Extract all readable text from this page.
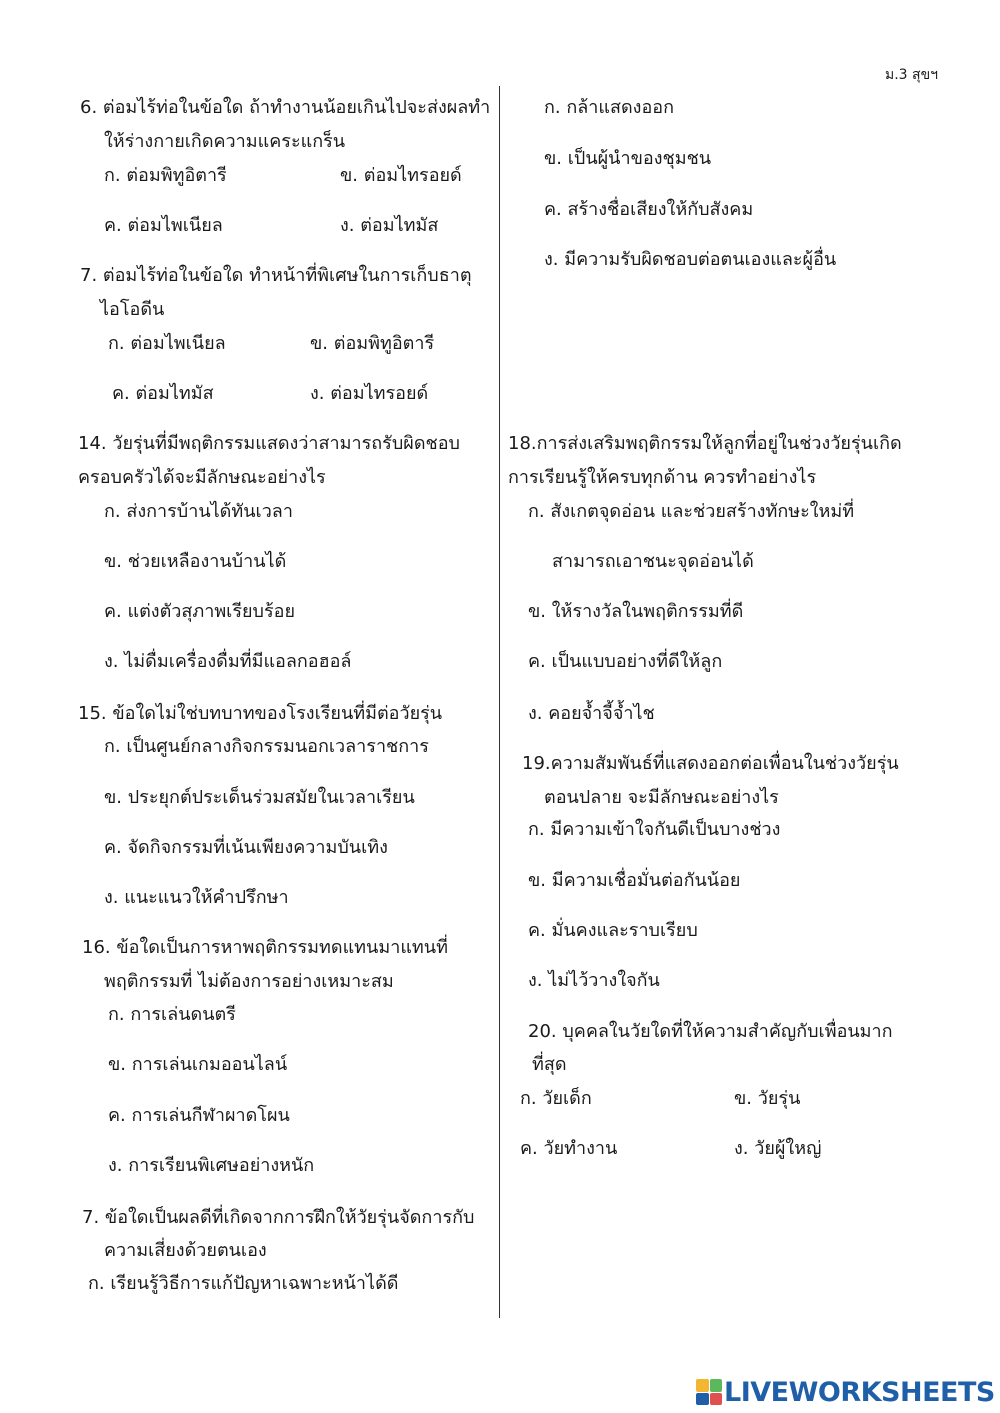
ม.3 สุขฯ
6. ต่อมไร้ท่อในข้อใด ถ้าทำงานน้อยเกินไปจะส่งผลทำ
ให้ร่างกายเกิดความแคระแกร็น
ก. ต่อมพิทูอิตารี	ข. ต่อมไทรอยด์
ค. ต่อมไพเนียล	ง. ต่อมไทมัส
7. ต่อมไร้ท่อในข้อใด ทำหน้าที่พิเศษในการเก็บธาตุ
ไอโอดีน
ก. ต่อมไพเนียล	ข. ต่อมพิทูอิตารี
ค. ต่อมไทมัส	ง. ต่อมไทรอยด์
14. วัยรุ่นที่มีพฤติกรรมแสดงว่าสามารถรับผิดชอบ
ครอบครัวได้จะมีลักษณะอย่างไร
ก. ส่งการบ้านได้ทันเวลา
ข. ช่วยเหลืองานบ้านได้
ค. แต่งตัวสุภาพเรียบร้อย
ง. ไม่ดื่มเครื่องดื่มที่มีแอลกอฮอล์
15. ข้อใดไม่ใช่บทบาทของโรงเรียนที่มีต่อวัยรุ่น
ก. เป็นศูนย์กลางกิจกรรมนอกเวลาราชการ
ข. ประยุกต์ประเด็นร่วมสมัยในเวลาเรียน
ค. จัดกิจกรรมที่เน้นเพียงความบันเทิง
ง. แนะแนวให้คำปรึกษา
16. ข้อใดเป็นการหาพฤติกรรมทดแทนมาแทนที่
พฤติกรรมที่ ไม่ต้องการอย่างเหมาะสม
ก. การเล่นดนตรี
ข. การเล่นเกมออนไลน์
ค. การเล่นกีฬาผาดโผน
ง. การเรียนพิเศษอย่างหนัก
7. ข้อใดเป็นผลดีที่เกิดจากการฝึกให้วัยรุ่นจัดการกับ
ความเสี่ยงด้วยตนเอง
ก. เรียนรู้วิธีการแก้ปัญหาเฉพาะหน้าได้ดี
ก. กล้าแสดงออก
ข. เป็นผู้นำของชุมชน
ค. สร้างชื่อเสียงให้กับสังคม
ง. มีความรับผิดชอบต่อตนเองและผู้อื่น
18.การส่งเสริมพฤติกรรมให้ลูกที่อยู่ในช่วงวัยรุ่นเกิด
การเรียนรู้ให้ครบทุกด้าน ควรทำอย่างไร
ก. สังเกตจุดอ่อน และช่วยสร้างทักษะใหม่ที่
สามารถเอาชนะจุดอ่อนได้
ข. ให้รางวัลในพฤติกรรมที่ดี
ค. เป็นแบบอย่างที่ดีให้ลูก
ง. คอยจ้ำจี้จ้ำไช
19.ความสัมพันธ์ที่แสดงออกต่อเพื่อนในช่วงวัยรุ่น
ตอนปลาย จะมีลักษณะอย่างไร
ก. มีความเข้าใจกันดีเป็นบางช่วง
ข. มีความเชื่อมั่นต่อกันน้อย
ค. มั่นคงและราบเรียบ
ง. ไม่ไว้วางใจกัน
20. บุคคลในวัยใดที่ให้ความสำคัญกับเพื่อนมาก
ที่สุด
ก. วัยเด็ก	ข. วัยรุ่น
ค. วัยทำงาน	ง. วัยผู้ใหญ่
LIVEWORKSHEETS
